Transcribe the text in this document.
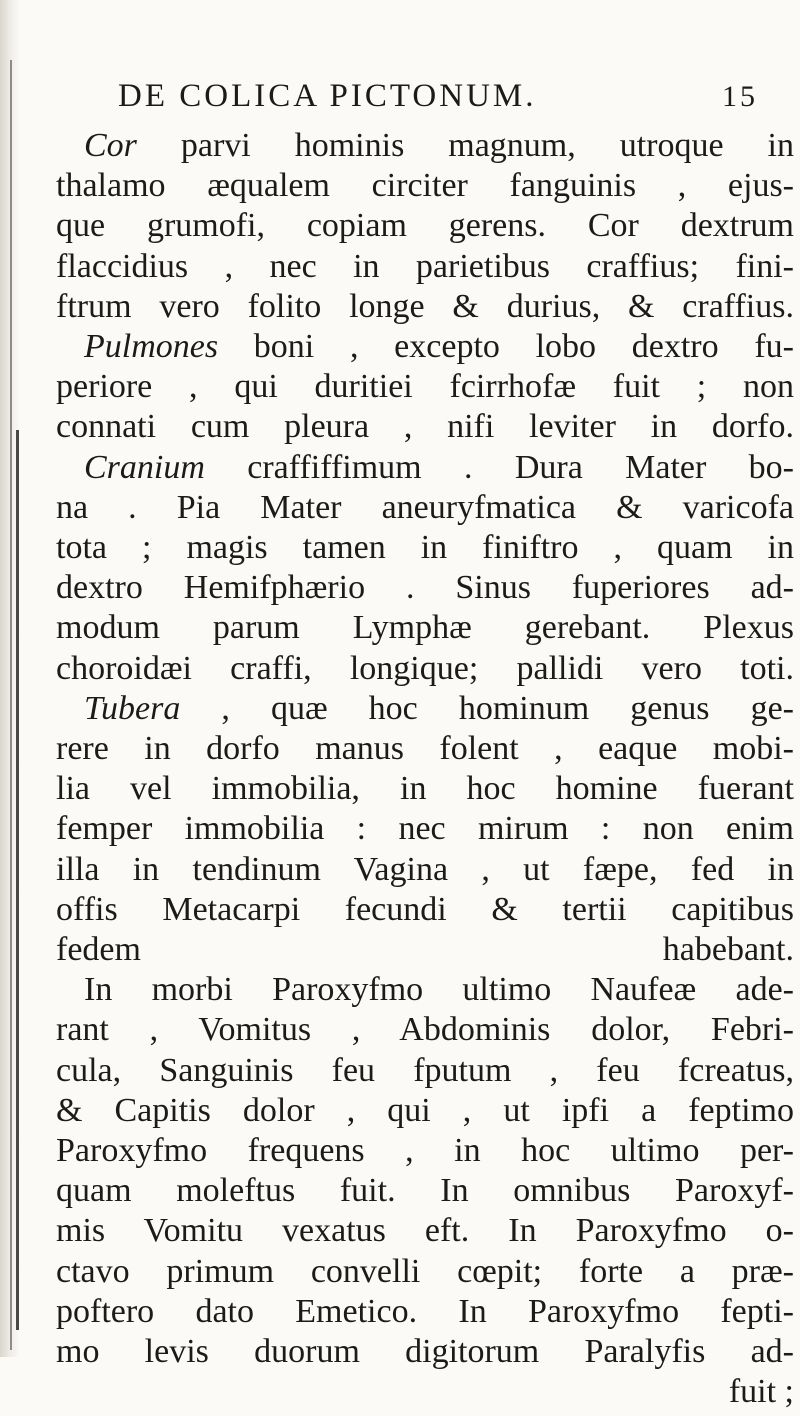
DE COLICA PICTONUM.	15
Cor parvi hominis magnum, utroque in
thalamo æqualem circiter fanguinis , ejus-
que grumofi, copiam gerens. Cor dextrum
flaccidius , nec in parietibus craffius; fini-
ftrum vero folito longe & durius, & craffius.
Pulmones boni , excepto lobo dextro fu-
periore , qui duritiei fcirrhofæ fuit ; non
connati cum pleura , nifi leviter in dorfo.
Cranium craffiffimum . Dura Mater bo-
na . Pia Mater aneuryfmatica & varicofa
tota ; magis tamen in finiftro , quam in
dextro Hemifphærio . Sinus fuperiores ad-
modum parum Lymphæ gerebant. Plexus
choroidæi craffi, longique; pallidi vero toti.
Tubera , quæ hoc hominum genus ge-
rere in dorfo manus folent , eaque mobi-
lia vel immobilia, in hoc homine fuerant
femper immobilia : nec mirum : non enim
illa in tendinum Vagina , ut fæpe, fed in
offis Metacarpi fecundi & tertii capitibus
fedem habebant.
In morbi Paroxyfmo ultimo Naufeæ ade-
rant , Vomitus , Abdominis dolor, Febri-
cula, Sanguinis feu fputum , feu fcreatus,
& Capitis dolor , qui , ut ipfi a feptimo
Paroxyfmo frequens , in hoc ultimo per-
quam moleftus fuit. In omnibus Paroxyf-
mis Vomitu vexatus eft. In Paroxyfmo o-
ctavo primum convelli cœpit; forte a præ-
poftero dato Emetico. In Paroxyfmo fepti-
mo levis duorum digitorum Paralyfis ad-
fuit ;
